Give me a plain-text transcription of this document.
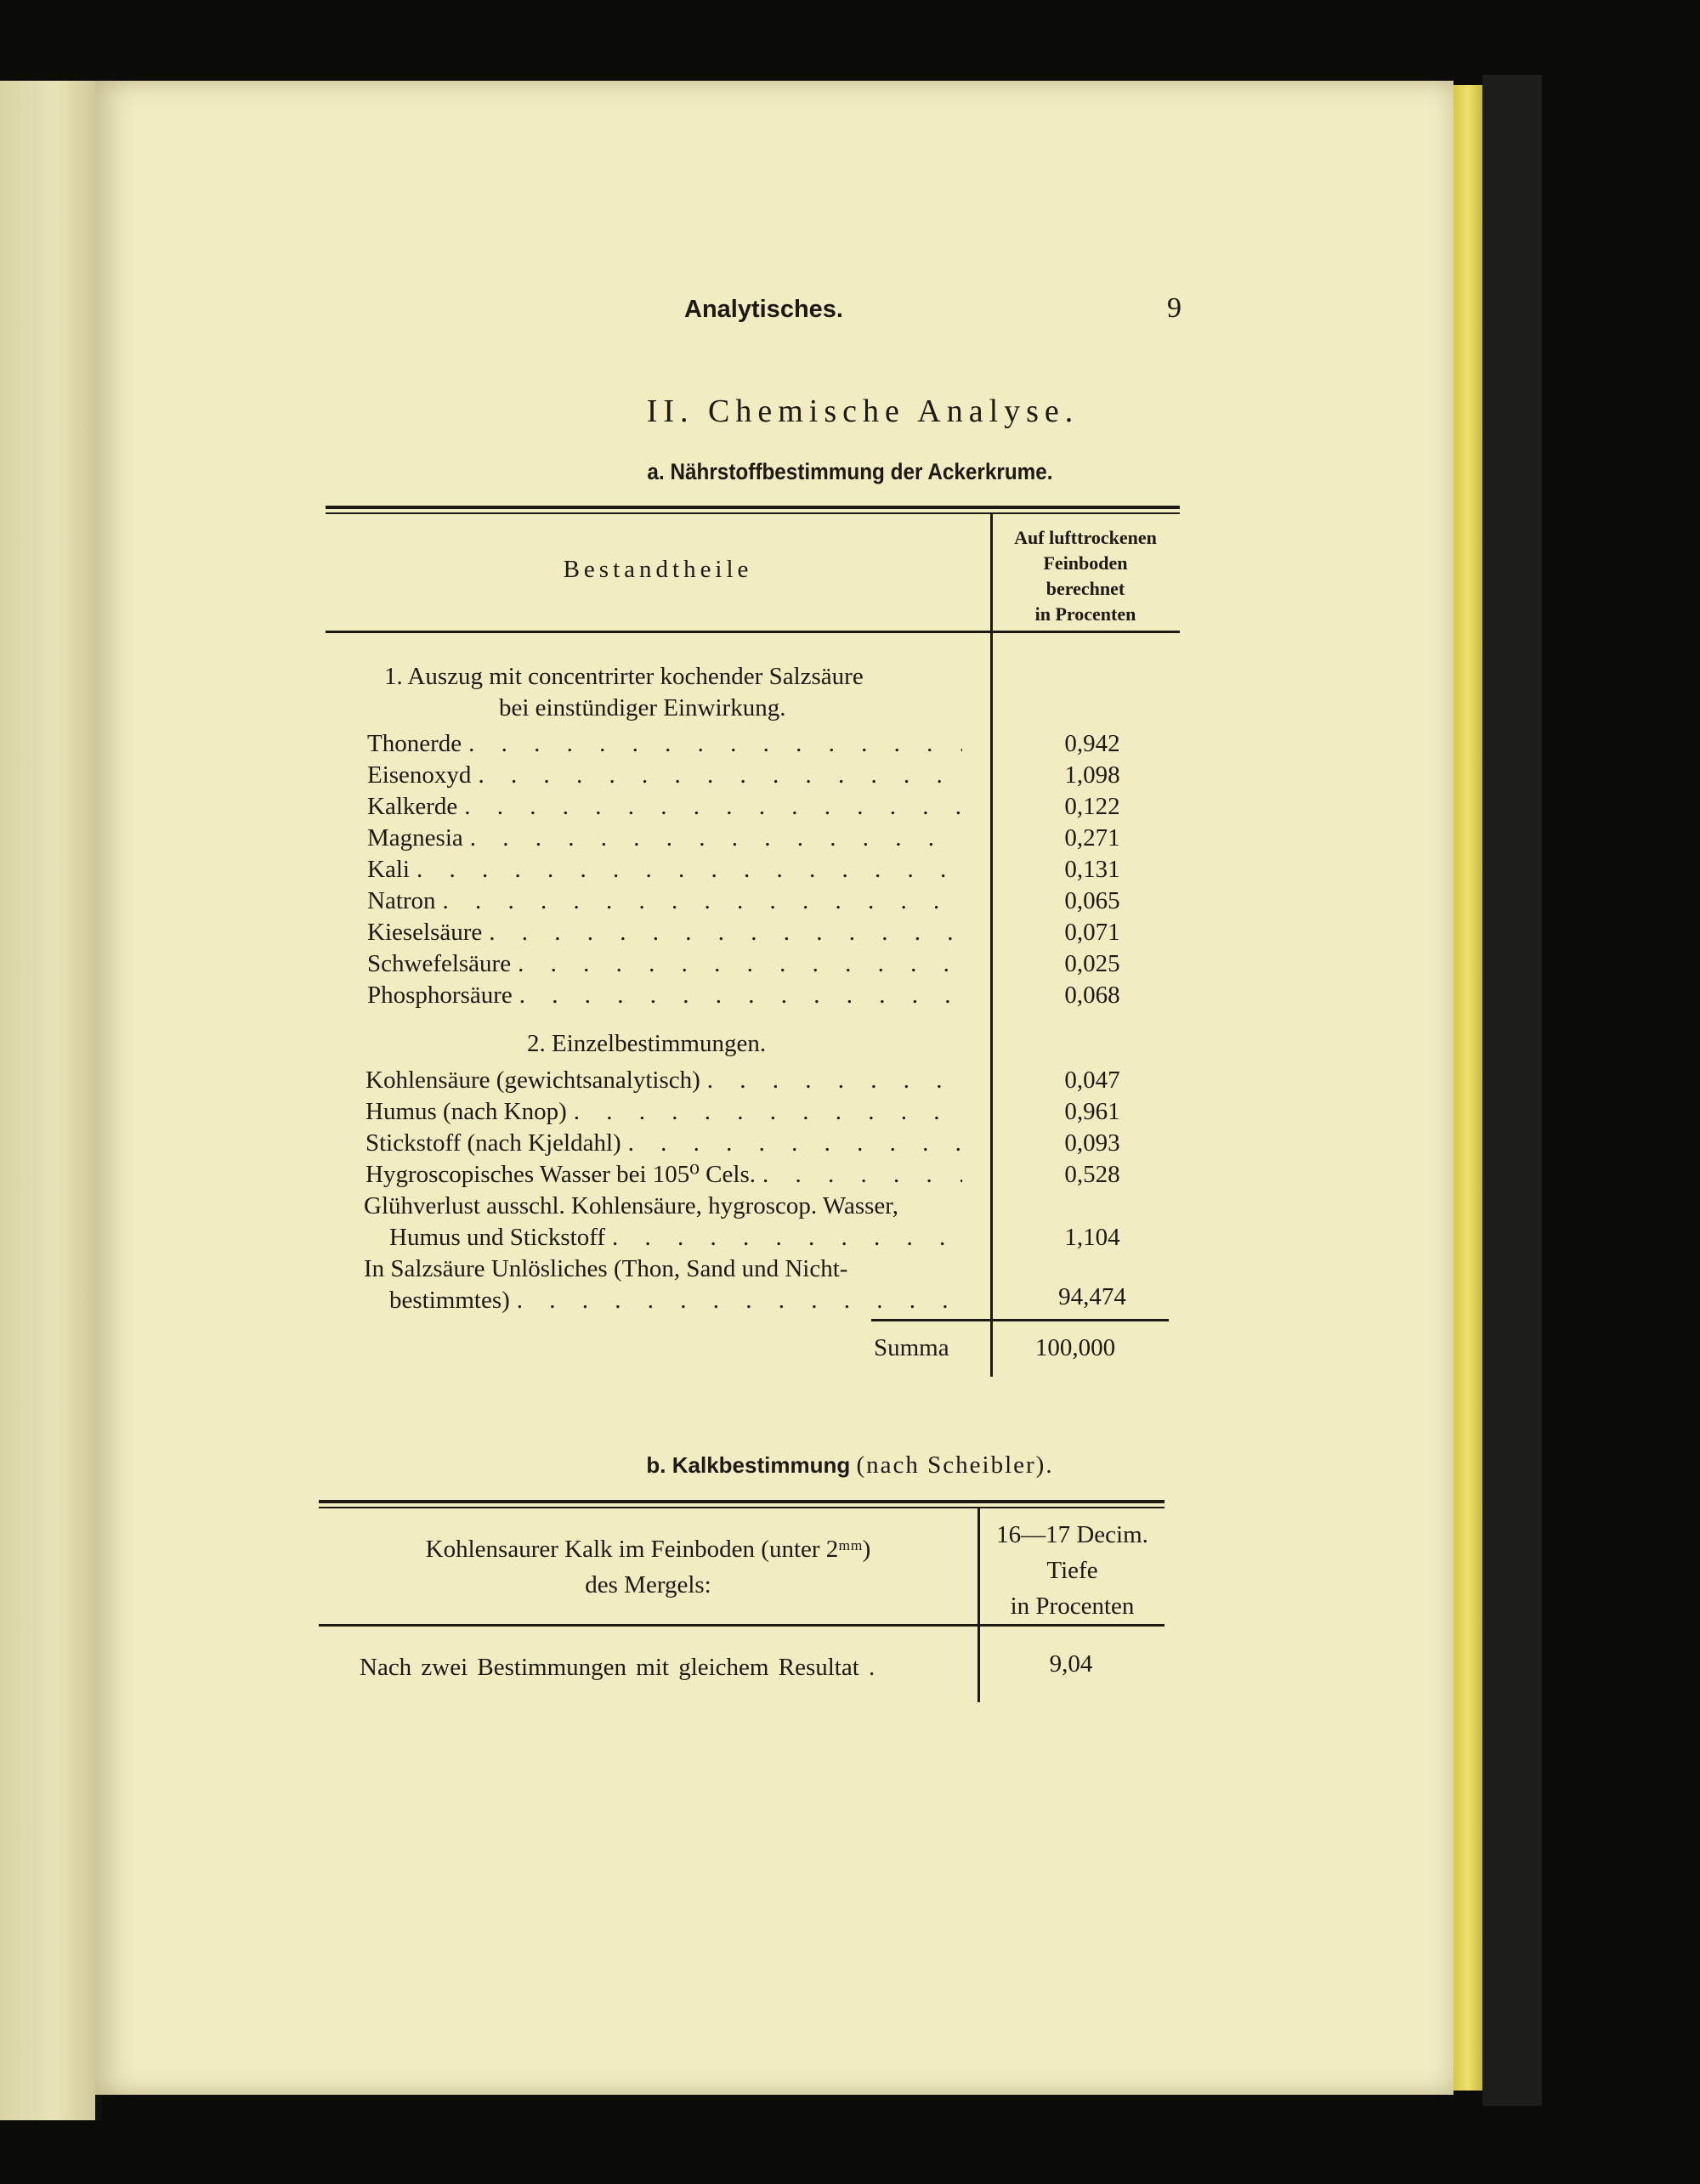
Analytisches.	9
II. Chemische Analyse.
a. Nährstoffbestimmung der Ackerkrume.
Bestandtheile
Auf lufttrockenen
Feinboden
berechnet
in Procenten
1. Auszug mit concentrirter kochender Salzsäure
bei einstündiger Einwirkung.
Thonerde . . .	0,942
Eisenoxyd . . .	1,098
Kalkerde . . .	0,122
Magnesia . . .	0,271
Kali . . .	0,131
Natron . . .	0,065
Kieselsäure . . .	0,071
Schwefelsäure . . .	0,025
Phosphorsäure . . .	0,068
2. Einzelbestimmungen.
Kohlensäure (gewichtsanalytisch) . . .	0,047
Humus (nach Knop) . . .	0,961
Stickstoff (nach Kjeldahl) . . .	0,093
Hygroscopisches Wasser bei 105⁰ Cels. . . .	0,528
Glühverlust ausschl. Kohlensäure, hygroscop. Wasser,
Humus und Stickstoff . . .	1,104
In Salzsäure Unlösliches (Thon, Sand und Nicht-
bestimmtes) . . .	94,474
Summa	100,000
b. Kalkbestimmung (nach Scheibler).
Kohlensaurer Kalk im Feinboden (unter 2ᵐᵐ)
des Mergels:
16—17 Decim.
Tiefe
in Procenten
Nach zwei Bestimmungen mit gleichem Resultat .	9,04
